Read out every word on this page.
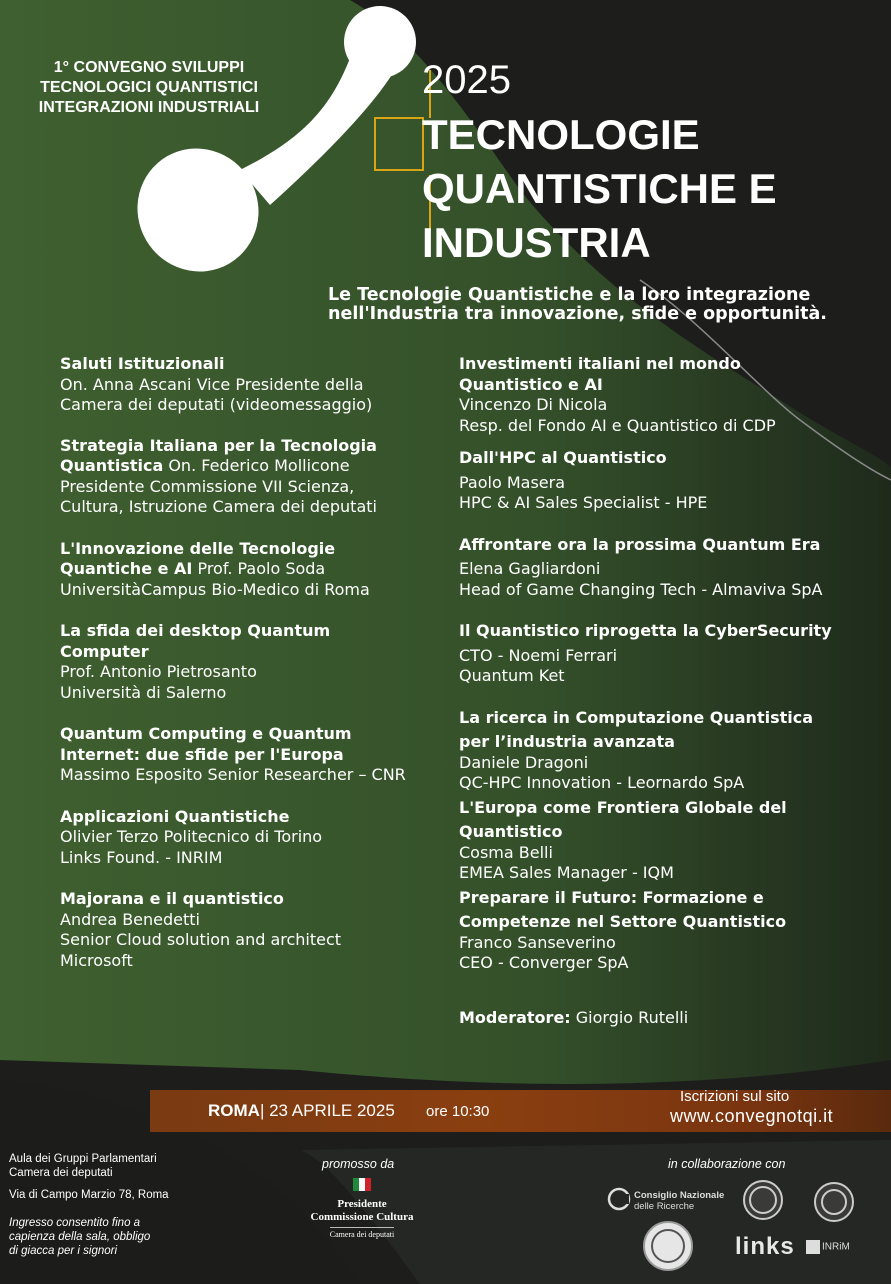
1° CONVEGNO SVILUPPI
TECNOLOGICI QUANTISTICI
INTEGRAZIONI INDUSTRIALI
2025
TECNOLOGIE
QUANTISTICHE E
INDUSTRIA
Le Tecnologie Quantistiche e la loro integrazione
nell'Industria tra innovazione, sfide e opportunità.
Saluti Istituzionali
On. Anna Ascani Vice Presidente della
Camera dei deputati (videomessaggio)
Strategia Italiana per la Tecnologia
Quantistica On. Federico Mollicone
Presidente Commissione VII Scienza,
Cultura, Istruzione Camera dei deputati
L'Innovazione delle Tecnologie
Quantiche e AI Prof. Paolo Soda
UniversitàCampus Bio-Medico di Roma
La sfida dei desktop Quantum
Computer
Prof. Antonio Pietrosanto
Università di Salerno
Quantum Computing e Quantum
Internet: due sfide per l'Europa
Massimo Esposito Senior Researcher – CNR
Applicazioni Quantistiche
Olivier Terzo Politecnico di Torino
Links Found. - INRIM
Majorana e il quantistico
Andrea Benedetti
Senior Cloud solution and architect
Microsoft
Investimenti italiani nel mondo
Quantistico e AI
Vincenzo Di Nicola
Resp. del Fondo AI e Quantistico di CDP
Dall'HPC al Quantistico
Paolo Masera
HPC & AI Sales Specialist - HPE
Affrontare ora la prossima Quantum Era
Elena Gagliardoni
Head of Game Changing Tech - Almaviva SpA
Il Quantistico riprogetta la CyberSecurity
CTO - Noemi Ferrari
Quantum Ket
La ricerca in Computazione Quantistica
per l’industria avanzata
Daniele Dragoni
QC-HPC Innovation - Leornardo SpA
L'Europa come Frontiera Globale del
Quantistico
Cosma Belli
EMEA Sales Manager - IQM
Preparare il Futuro: Formazione e
Competenze nel Settore Quantistico
Franco Sanseverino
CEO - Converger SpA
Moderatore: Giorgio Rutelli
ROMA| 23 APRILE 2025 ore 10:30
Iscrizioni sul sito
www.convegnotqi.it

Aula dei Gruppi Parlamentari

Camera dei deputati

Via di Campo Marzio 78, Roma

Ingresso consentito fino a

capienza della sala, obbligo

di giacca per i signori

promosso da
Presidente
Commissione Cultura
Camera dei deputati
in collaborazione con
Consiglio Nazionale
delle Ricerche
links	INRiM
